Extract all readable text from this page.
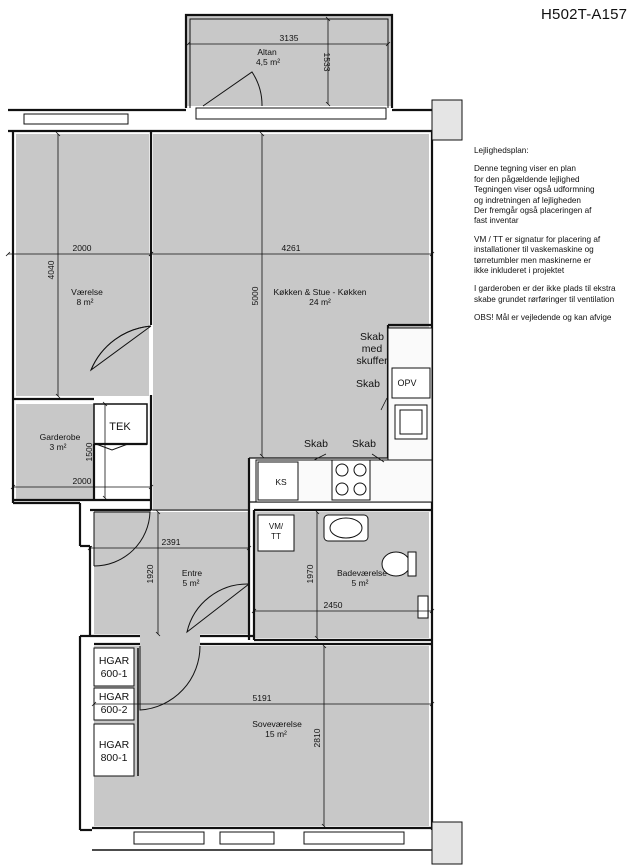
3135
1533
Altan
4,5 m²
2000
4040
Værelse
8 m²
4261
5000 Køkken & Stue - Køkken
24 m²
Garderobe
3 m²
2000
1500
TEK
2391
1920	Entre
5 m²	1970	Badeværelse
5 m²
2450
5191
Soveværelse
15 m²	2810
Skab
med
skuffer
Skab OPV
Skab Skab
KS
VM/
TT
HGAR
600-1
HGAR
600-2
HGAR
800-1
H502T-A157

Lejlighedsplan:

Denne tegning viser en plan
for den pågældende lejlighed
Tegningen viser også udformning
og indretningen af lejligheden
Der fremgår også placeringen af
fast inventar

VM / TT er signatur for placering af
installationer til vaskemaskine og
tørretumbler men maskinerne er
ikke inkluderet i projektet

I garderoben er der ikke plads til ekstra
skabe grundet rørføringer til ventilation

OBS! Mål er vejledende og kan afvige
